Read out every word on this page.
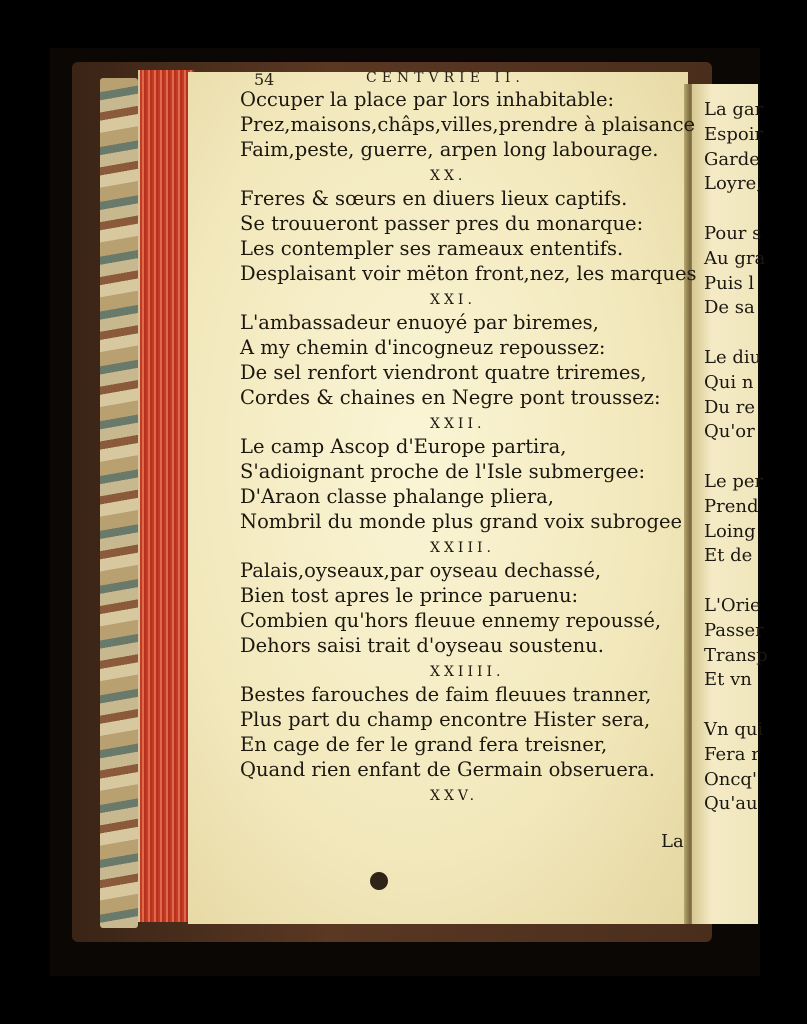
54	CENTVRIE II.
Occuper la place par lors inhabitable:
Prez,maisons,châps,villes,prendre à plaisance
Faim,peste, guerre, arpen long labourage.
XX.
Freres & sœurs en diuers lieux captifs.
Se trouueront passer pres du monarque:
Les contempler ses rameaux ententifs.
Desplaisant voir mëton front,nez, les marques
XXI.
L'ambassadeur enuoyé par biremes,
A my chemin d'incogneuz repoussez:
De sel renfort viendront quatre triremes,
Cordes & chaines en Negre pont troussez:
XXII.
Le camp Ascop d'Europe partira,
S'adioignant proche de l'Isle submergee:
D'Araon classe phalange pliera,
Nombril du monde plus grand voix subrogee
XXIII.
Palais,oyseaux,par oyseau dechassé,
Bien tost apres le prince paruenu:
Combien qu'hors fleuue ennemy repoussé,
Dehors saisi trait d'oyseau soustenu.
XXIIII.
Bestes farouches de faim fleuues tranner,
Plus part du champ encontre Hister sera,
En cage de fer le grand fera treisner,
Quand rien enfant de Germain obseruera.
XXV.
La
La gar
Espoir
Garde
Loyre,
Pour s
Au gra
Puis l
De sa
Le diu
Qui n
Du re
Qu'or
Le per
Prend
Loing
Et de
L'Orie
Passer
Transp
Et vn
Vn qui
Fera r
Oncq'
Qu'au
